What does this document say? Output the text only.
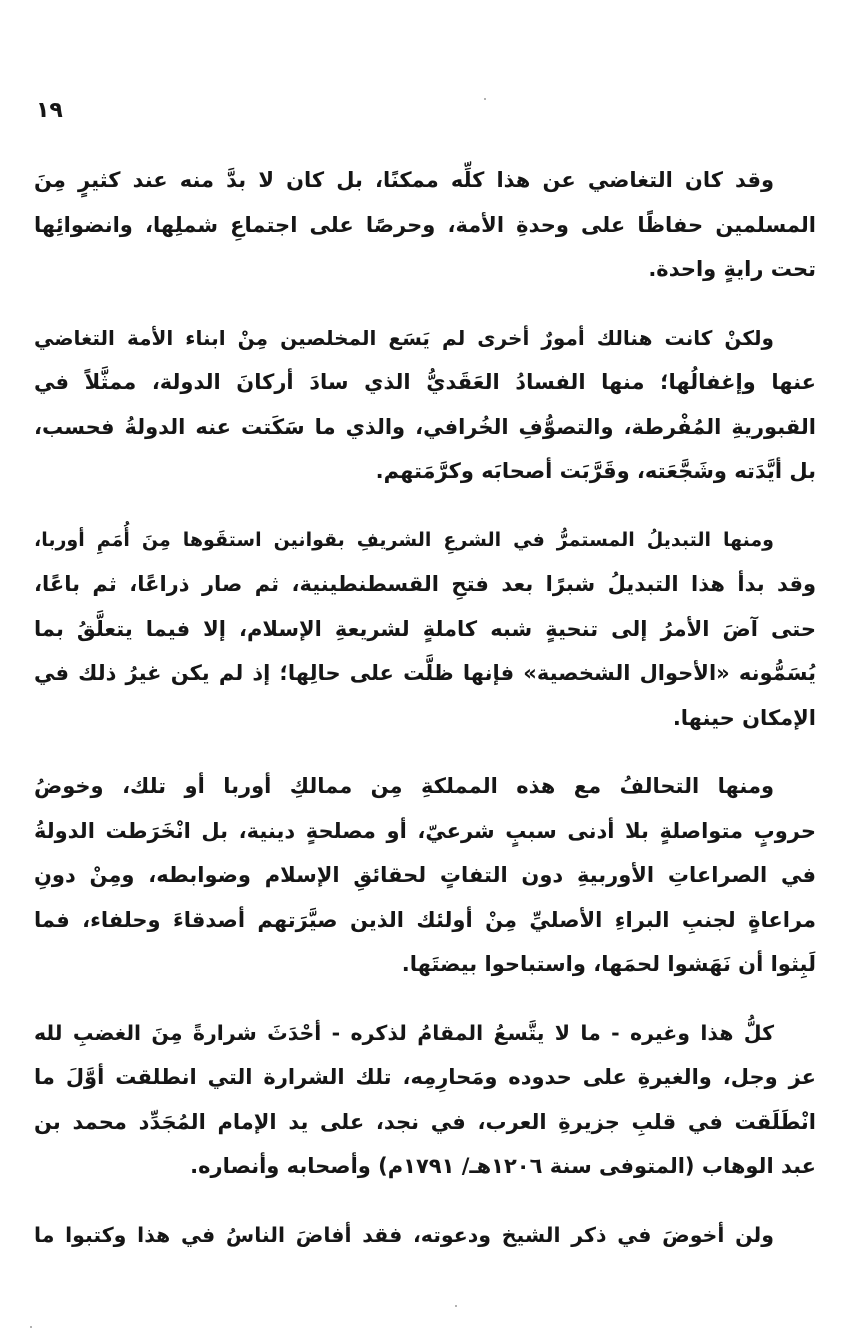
١٩

وقد كان التغاضي عن هذا كلِّه ممكنًا، بل كان لا بدَّ منه عند كثيرٍ مِنَ
المسلمين حفاظًا على وحدةِ الأمة، وحرصًا على اجتماعِ شملِها، وانضوائِها
تحت رايةٍ واحدة.

ولكنْ كانت هنالك أمورٌ أخرى لم يَسَع المخلصين مِنْ ابناء الأمة التغاضي
عنها وإغفالُها؛ منها الفسادُ العَقَديُّ الذي سادَ أركانَ الدولة، ممثَّلاً في
القبوريةِ المُفْرطة، والتصوُّفِ الخُرافي، والذي ما سَكَتت عنه الدولةُ فحسب،
بل أيَّدَته وشَجَّعَته، وقَرَّبَت أصحابَه وكرَّمَتهم.

ومنها التبديلُ المستمرُّ في الشرعِ الشريفِ بقوانين استقَوها مِنَ أُمَمِ أوربا،
وقد بدأ هذا التبديلُ شبرًا بعد فتحِ القسطنطينية، ثم صار ذراعًا، ثم باعًا،
حتى آضَ الأمرُ إلى تنحيةٍ شبه كاملةٍ لشريعةِ الإسلام، إلا فيما يتعلَّقُ بما
يُسَمُّونه «الأحوال الشخصية» فإنها ظلَّت على حالِها؛ إذ لم يكن غيرُ ذلك في
الإمكان حينها.

ومنها التحالفُ مع هذه المملكةِ مِن ممالكِ أوربا أو تلك، وخوضُ
حروبٍ متواصلةٍ بلا أدنى سببٍ شرعيّ، أو مصلحةٍ دينية، بل انْخَرَطت الدولةُ
في الصراعاتِ الأوربيةِ دون التفاتٍ لحقائقِ الإسلام وضوابطه، ومِنْ دونِ
مراعاةٍ لجنبِ البراءِ الأصليِّ مِنْ أولئك الذين صيَّرَتهم أصدقاءَ وحلفاء، فما
لَبِثوا أن نَهَشوا لحمَها، واستباحوا بيضتَها.

كلُّ هذا وغيره - ما لا يتَّسعُ المقامُ لذكره - أحْدَثَ شرارةً مِنَ الغضبِ لله
عز وجل، والغيرةِ على حدوده ومَحارِمِه، تلك الشرارة التي انطلقت أوَّلَ ما
انْطَلَقت في قلبِ جزيرةِ العرب، في نجد، على يد الإمام المُجَدِّد محمد بن
عبد الوهاب (المتوفى سنة ١٢٠٦هـ/ ١٧٩١م) وأصحابه وأنصاره.

ولن أخوضَ في ذكر الشيخ ودعوته، فقد أفاضَ الناسُ في هذا وكتبوا ما
